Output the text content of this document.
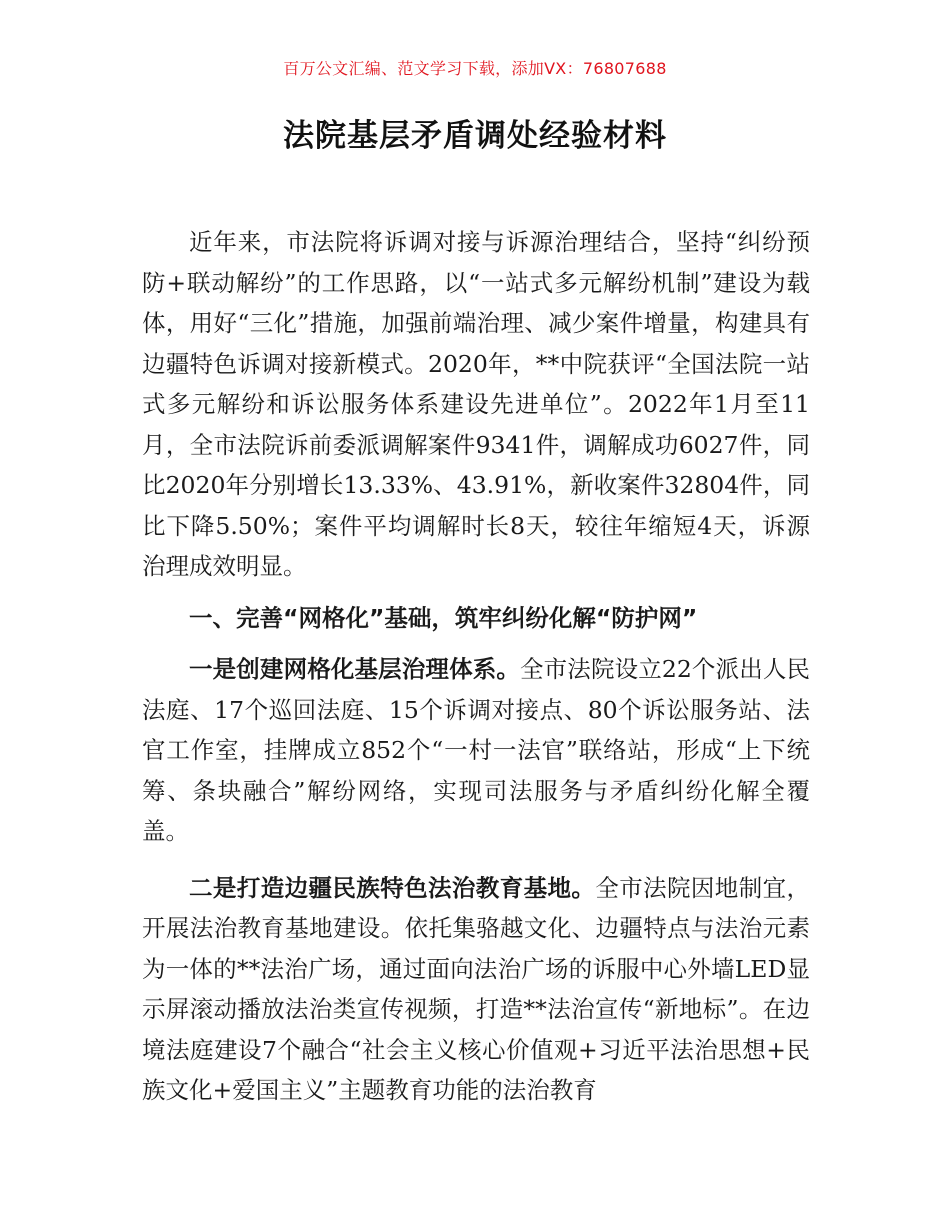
百万公文汇编、范文学习下载，添加VX：76807688
法院基层矛盾调处经验材料

近年来，市法院将诉调对接与诉源治理结合，坚持“纠纷预防+联动解纷”的工作思路，以“一站式多元解纷机制”建设为载体，用好“三化”措施，加强前端治理、减少案件增量，构建具有边疆特色诉调对接新模式。2020年，**中院获评“全国法院一站式多元解纷和诉讼服务体系建设先进单位”。2022年1月至11月，全市法院诉前委派调解案件9341件，调解成功6027件，同比2020年分别增长13.33%、43.91%，新收案件32804件，同比下降5.50%；案件平均调解时长8天，较往年缩短4天，诉源治理成效明显。

一、完善“网格化”基础，筑牢纠纷化解“防护网”

一是创建网格化基层治理体系。全市法院设立22个派出人民法庭、17个巡回法庭、15个诉调对接点、80个诉讼服务站、法官工作室，挂牌成立852个“一村一法官”联络站，形成“上下统筹、条块融合”解纷网络，实现司法服务与矛盾纠纷化解全覆盖。

二是打造边疆民族特色法治教育基地。全市法院因地制宜，开展法治教育基地建设。依托集骆越文化、边疆特点与法治元素为一体的**法治广场，通过面向法治广场的诉服中心外墙LED显示屏滚动播放法治类宣传视频，打造**法治宣传“新地标”。在边境法庭建设7个融合“社会主义核心价值观+习近平法治思想+民族文化+爱国主义”主题教育功能的法治教育
